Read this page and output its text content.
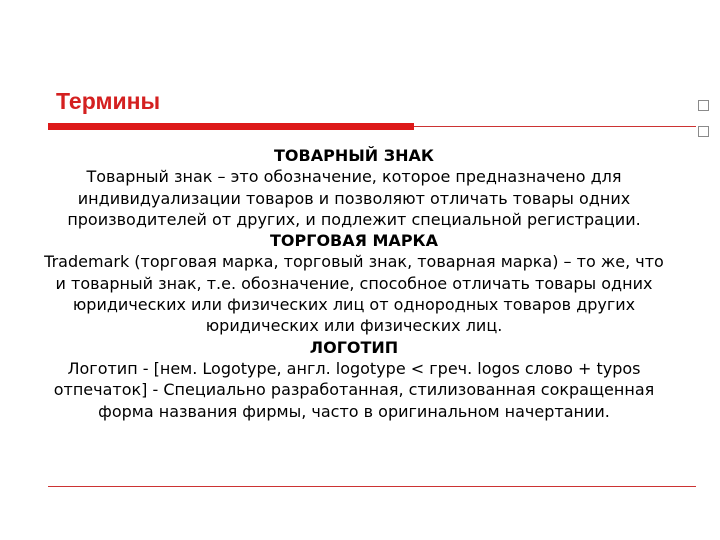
Термины

ТОВАРНЫЙ ЗНАК

Товарный знак – это обозначение, которое предназначено для индивидуализации товаров и позволяют отличать товары одних производителей от других, и подлежит специальной регистрации.

ТОРГОВАЯ МАРКА

Trademark (торговая марка, торговый знак, товарная марка) – то же, что и товарный знак, т.е. обозначение, способное отличать товары одних юридических или физических лиц от однородных товаров других юридических или физических лиц.

ЛОГОТИП

Логотип - [нем. Logotype, англ. logotype < греч. logos слово + typos отпечаток] - Специально разработанная, стилизованная сокращенная форма названия фирмы, часто в оригинальном начертании.
